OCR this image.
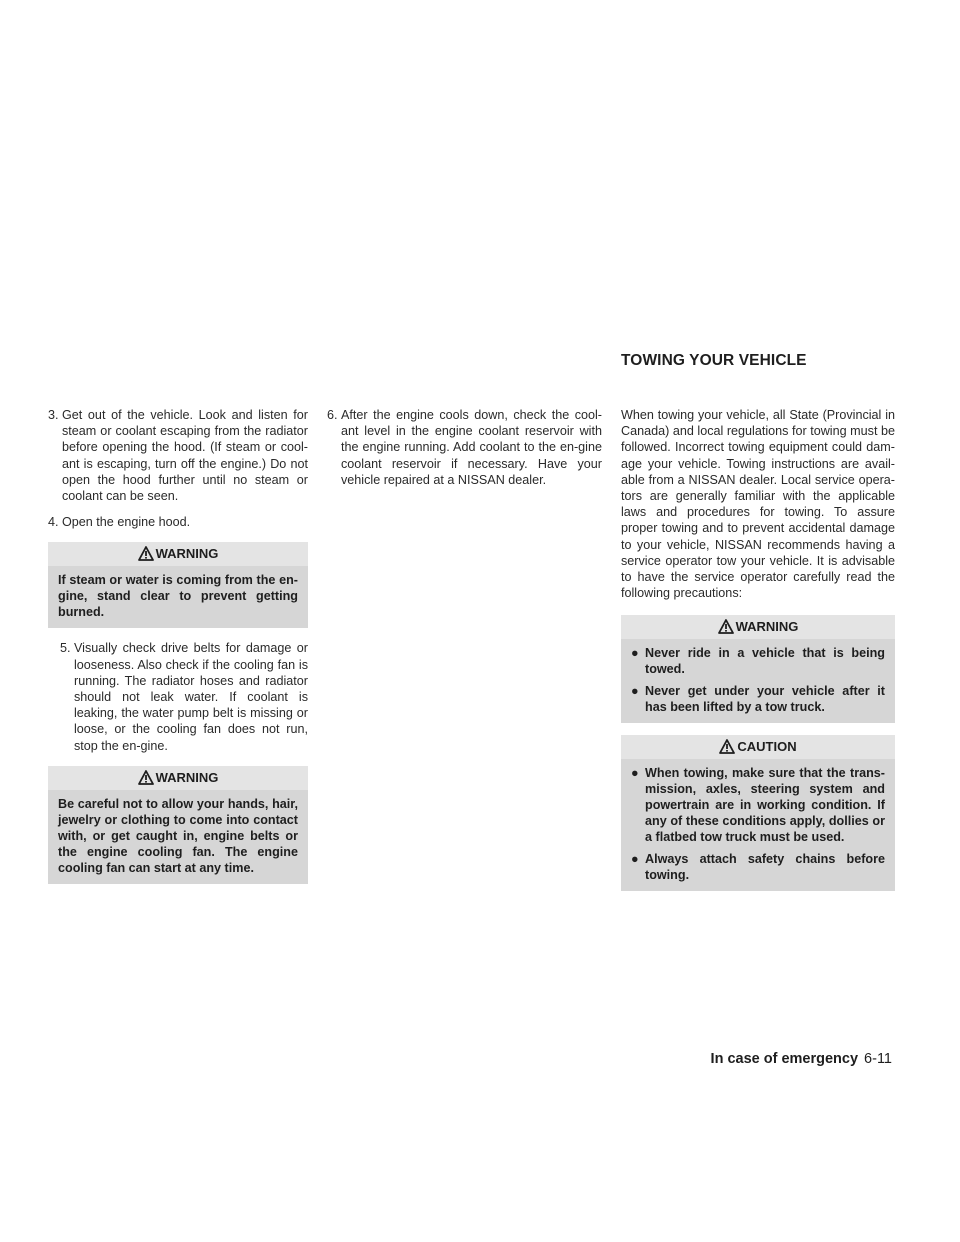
TOWING YOUR VEHICLE

3. Get out of the vehicle. Look and listen for steam or coolant escaping from the radiator before opening the hood. (If steam or cool-ant is escaping, turn off the engine.) Do not open the hood further until no steam or coolant can be seen.

4. Open the engine hood.

WARNING
If steam or water is coming from the en-gine, stand clear to prevent getting burned.

5. Visually check drive belts for damage or looseness. Also check if the cooling fan is running. The radiator hoses and radiator should not leak water. If coolant is leaking, the water pump belt is missing or loose, or the cooling fan does not run, stop the en-gine.

WARNING
Be careful not to allow your hands, hair, jewelry or clothing to come into contact with, or get caught in, engine belts or the engine cooling fan. The engine cooling fan can start at any time.

6. After the engine cools down, check the cool-ant level in the engine coolant reservoir with the engine running. Add coolant to the en-gine coolant reservoir if necessary. Have your vehicle repaired at a NISSAN dealer.

When towing your vehicle, all State (Provincial in Canada) and local regulations for towing must be followed. Incorrect towing equipment could dam-age your vehicle. Towing instructions are avail-able from a NISSAN dealer. Local service opera-tors are generally familiar with the applicable laws and procedures for towing. To assure proper towing and to prevent accidental damage to your vehicle, NISSAN recommends having a service operator tow your vehicle. It is advisable to have the service operator carefully read the following precautions:

WARNING

● Never ride in a vehicle that is being towed.

● Never get under your vehicle after it has been lifted by a tow truck.

CAUTION

● When towing, make sure that the trans-mission, axles, steering system and powertrain are in working condition. If any of these conditions apply, dollies or a flatbed tow truck must be used.

● Always attach safety chains before towing.

In case of emergency 6-11
